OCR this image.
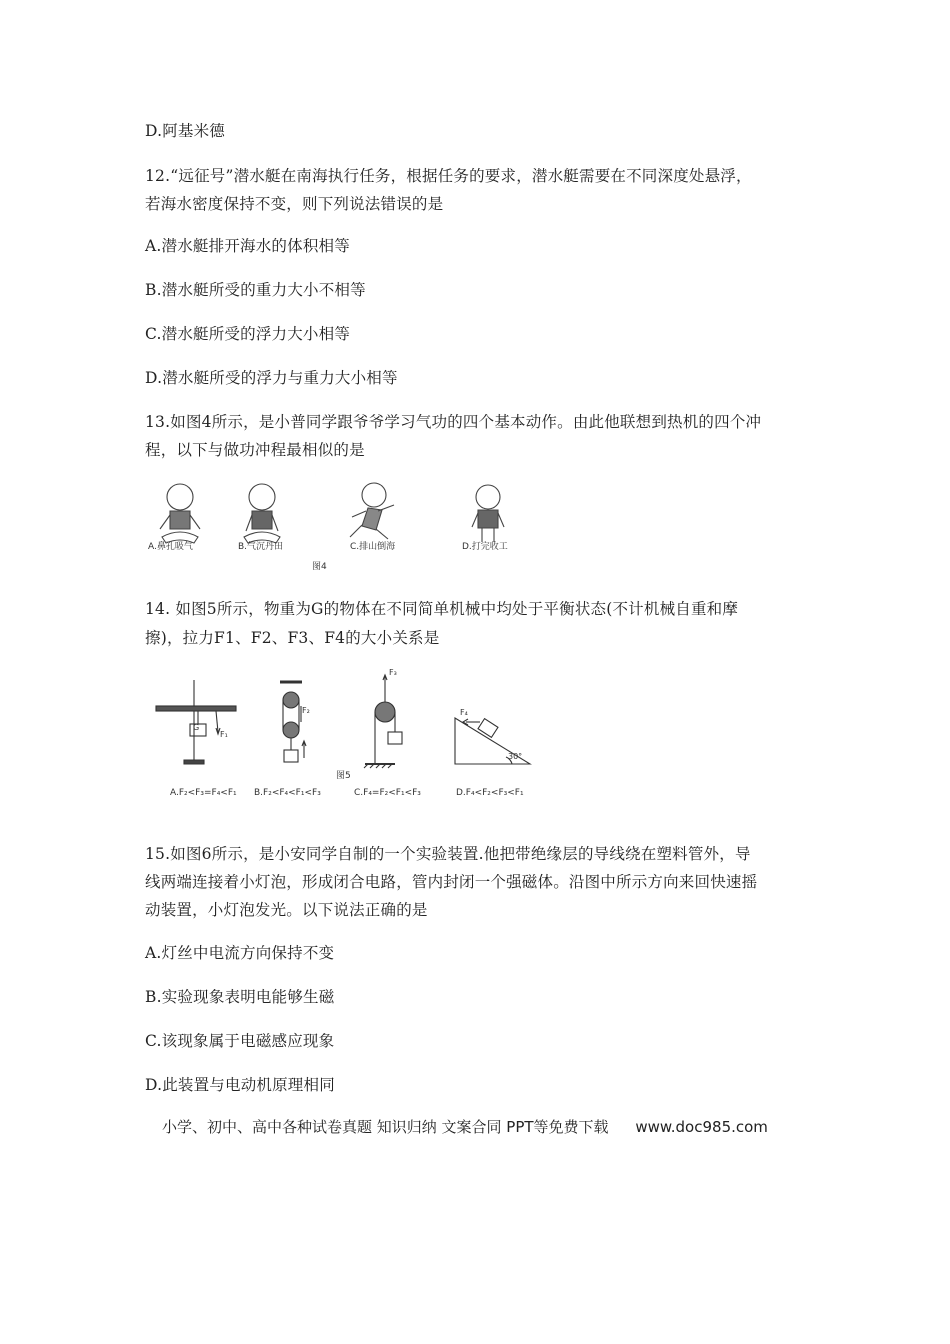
D.阿基米德
12.“远征号”潜水艇在南海执行任务，根据任务的要求，潜水艇需要在不同深度处悬浮，
若海水密度保持不变，则下列说法错误的是
A.潜水艇排开海水的体积相等
B.潜水艇所受的重力大小不相等
C.潜水艇所受的浮力大小相等
D.潜水艇所受的浮力与重力大小相等
13.如图4所示，是小普同学跟爷爷学习气功的四个基本动作。由此他联想到热机的四个冲
程，以下与做功冲程最相似的是
A.鼻孔吸气	B.气沉丹田	C.排山倒海	D.打完收工
图4
14. 如图5所示，物重为G的物体在不同简单机械中均处于平衡状态(不计机械自重和摩
擦)，拉力F1、F2、F3、F4的大小关系是
G
F₁
F₂
F₃
F₄
30°
图5
A.F₂<F₃=F₄<F₁ B.F₂<F₄<F₁<F₃	C.F₄=F₂<F₁<F₃	D.F₄<F₂<F₃<F₁
15.如图6所示，是小安同学自制的一个实验装置.他把带绝缘层的导线绕在塑料管外，导
线两端连接着小灯泡，形成闭合电路，管内封闭一个强磁体。沿图中所示方向来回快速摇
动装置，小灯泡发光。以下说法正确的是
A.灯丝中电流方向保持不变
B.实验现象表明电能够生磁
C.该现象属于电磁感应现象
D.此装置与电动机原理相同
小学、初中、高中各种试卷真题 知识归纳 文案合同 PPT等免费下载 www.doc985.com
